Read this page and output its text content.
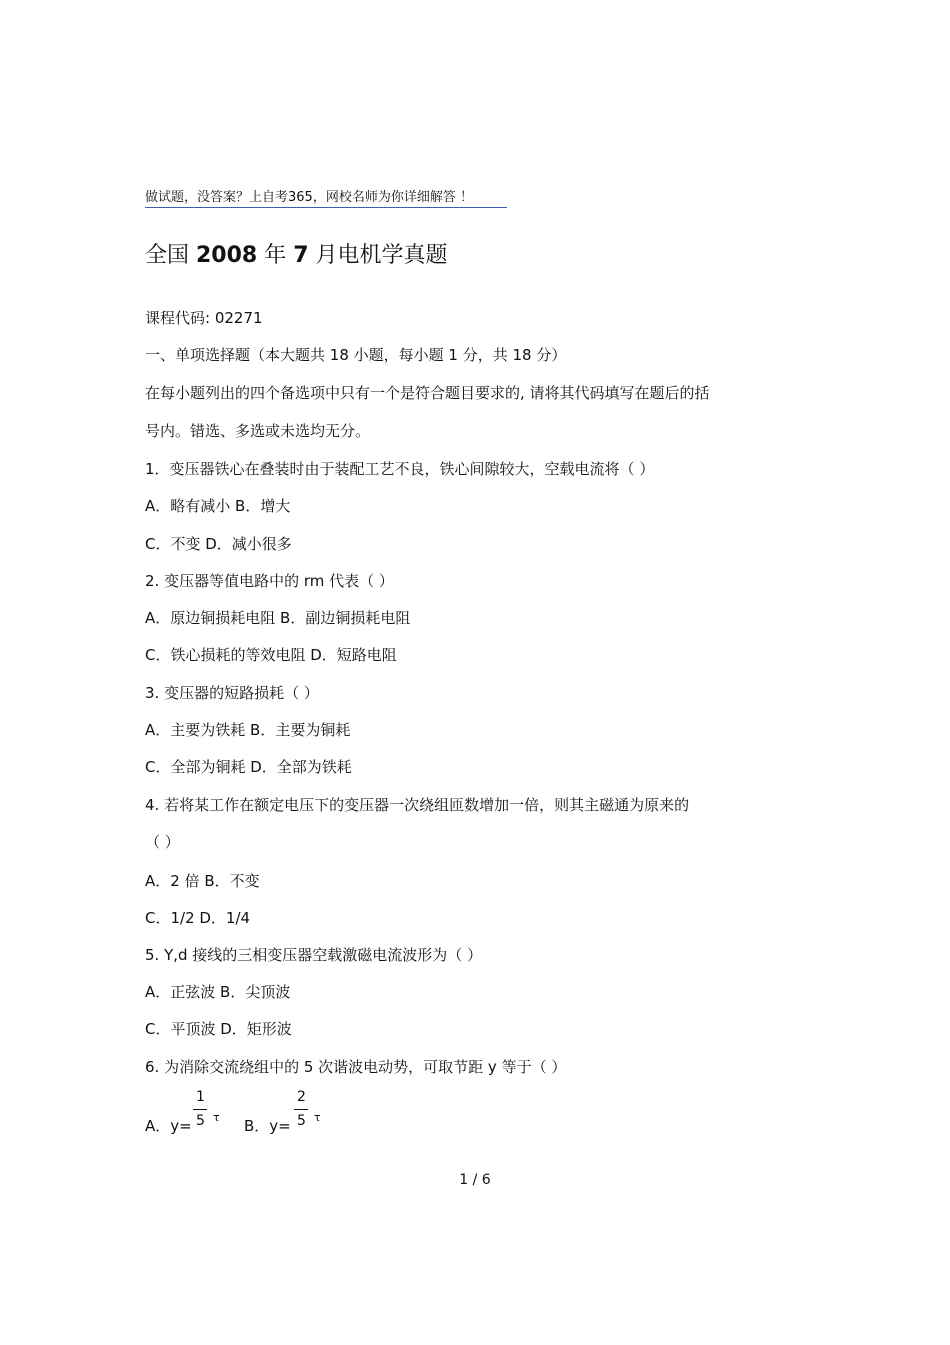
做试题，没答案？上自考365，网校名师为你详细解答 ！
全国 2008 年 7 月电机学真题
课程代码: 02271
一、单项选择题（本大题共 18 小题，每小题 1 分，共 18 分）
在每小题列出的四个备选项中只有一个是符合题目要求的, 请将其代码填写在题后的括
号内。错选、多选或未选均无分。
1．变压器铁心在叠装时由于装配工艺不良，铁心间隙较大，空载电流将（ ）
A．略有减小 B．增大
C．不变 D．减小很多
2. 变压器等值电路中的 rm 代表（ ）
A．原边铜损耗电阻 B．副边铜损耗电阻
C．铁心损耗的等效电阻 D．短路电阻
3. 变压器的短路损耗（ ）
A．主要为铁耗 B．主要为铜耗
C．全部为铜耗 D．全部为铁耗
4. 若将某工作在额定电压下的变压器一次绕组匝数增加一倍，则其主磁通为原来的
（ ）
A．2 倍 B．不变
C．1/2 D．1/4
5. Y,d 接线的三相变压器空载激磁电流波形为（ ）
A．正弦波 B．尖顶波
C．平顶波 D．矩形波
6. 为消除交流绕组中的 5 次谐波电动势，可取节距 y 等于（ ）
A．y=
1
5 τ B．y=
2
5 τ
1 / 6
